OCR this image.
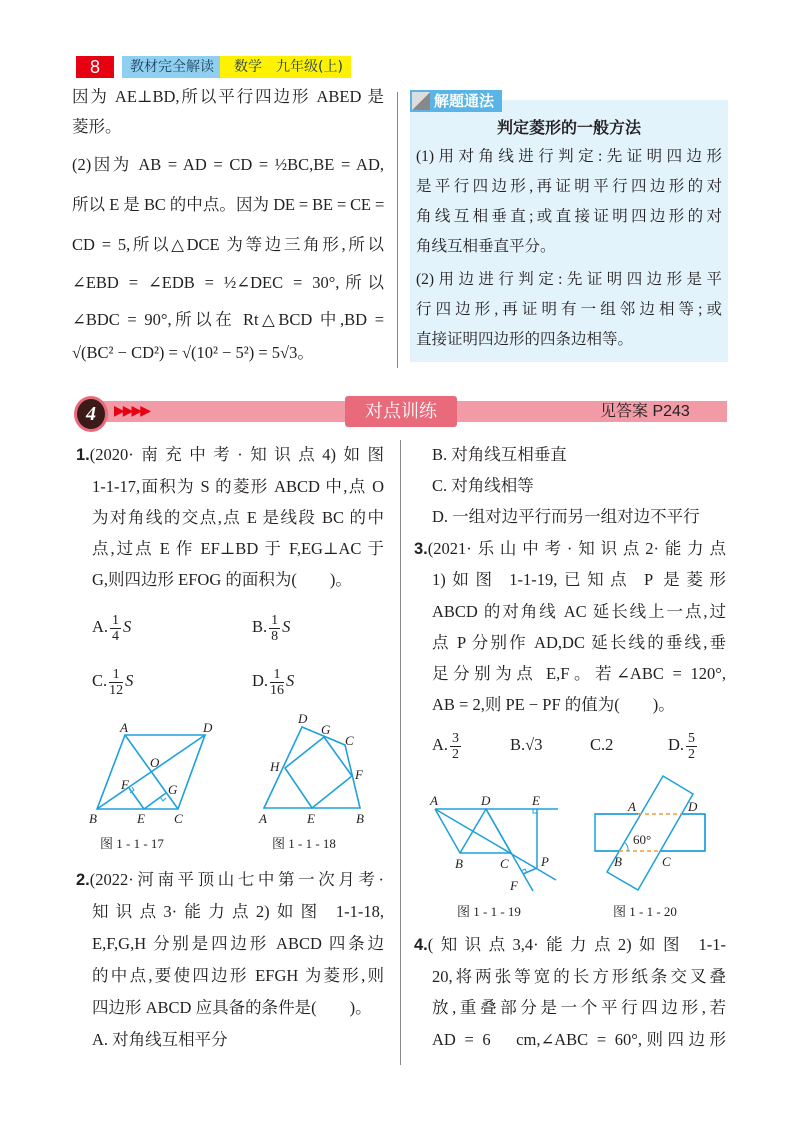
8	教材完全解读	数学　九年级(上)
因为 AE⊥BD,所以平行四边形 ABED 是
菱形。
(2)因为 AB = AD = CD = ½BC,BE = AD,
所以 E 是 BC 的中点。因为 DE = BE = CE =
CD = 5,所以△DCE 为等边三角形,所以
∠EBD = ∠EDB = ½∠DEC = 30°,所以
∠BDC = 90°,所以在 Rt△BCD 中,BD =
√(BC² − CD²) = √(10² − 5²) = 5√3。
解题通法
判定菱形的一般方法
(1)用对角线进行判定:先证明四边形
是平行四边形,再证明平行四边形的对
角线互相垂直;或直接证明四边形的对
角线互相垂直平分。
(2)用边进行判定:先证明四边形是平
行四边形,再证明有一组邻边相等;或
直接证明四边形的四条边相等。
4	▶▶▶▶	对点训练	见答案 P243
1.(2020·南充中考·知识点4)如图
1-1-17,面积为 S 的菱形 ABCD 中,点 O
为对角线的交点,点 E 是线段 BC 的中
点,过点 E 作 EF⊥BD 于 F,EG⊥AC 于
G,则四边形 EFOG 的面积为(　　)。
A. $\frac{1}{4}$ S	B. $\frac{1}{8}$ S
C. $\frac{1}{12}$ S	D. $\frac{1}{16}$ S
A	D
O
F	G
B	E C
D
G
C
H
F
A	E	B
A	D	E
B	C P
F
A	D
B	C
60°
图 1 - 1 - 17	图 1 - 1 - 18
图 1 - 1 - 19	图 1 - 1 - 20
2.(2022·河南平顶山七中第一次月考·
知识点3·能力点2)如图 1-1-18,
E,F,G,H 分别是四边形 ABCD 四条边
的中点,要使四边形 EFGH 为菱形,则
四边形 ABCD 应具备的条件是(　　)。
A. 对角线互相平分
B. 对角线互相垂直
C. 对角线相等
D. 一组对边平行而另一组对边不平行
3.(2021·乐山中考·知识点2·能力点
1)如图 1-1-19,已知点 P 是菱形
ABCD 的对角线 AC 延长线上一点,过
点 P 分别作 AD,DC 延长线的垂线,垂
足分别为点 E,F。若∠ABC = 120°,
AB = 2,则 PE − PF 的值为(　　)。
A. $\frac{3}{2}$	B.√3	C.2	D. $\frac{5}{2}$
4.(知识点3,4·能力点2)如图 1-1-
20,将两张等宽的长方形纸条交叉叠
放,重叠部分是一个平行四边形,若
AD = 6　cm,∠ABC = 60°,则四边形
